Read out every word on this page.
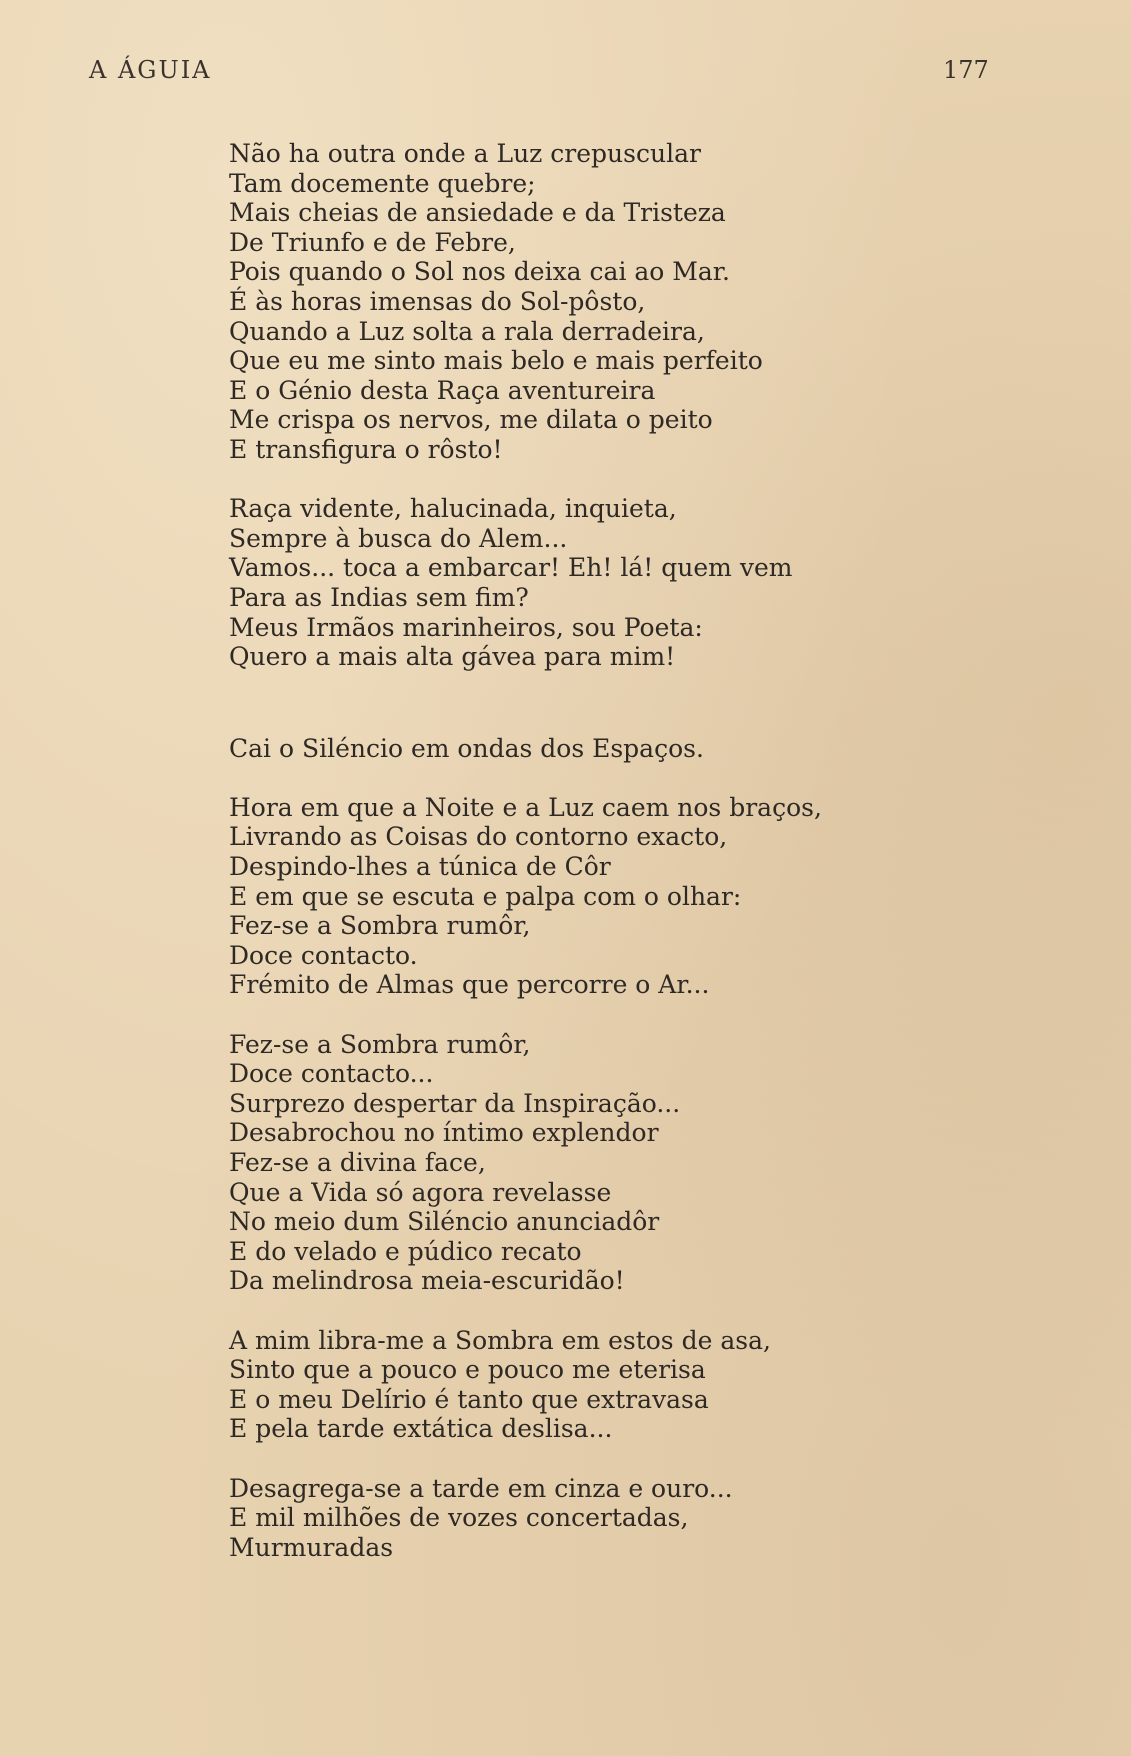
A ÁGUIA	177
Não ha outra onde a Luz crepuscular
Tam docemente quebre;
Mais cheias de ansiedade e da Tristeza
De Triunfo e de Febre,
Pois quando o Sol nos deixa cai ao Mar.
É às horas imensas do Sol-pôsto,
Quando a Luz solta a rala derradeira,
Que eu me sinto mais belo e mais perfeito
E o Génio desta Raça aventureira
Me crispa os nervos, me dilata o peito
E transfigura o rôsto!
Raça vidente, halucinada, inquieta,
Sempre à busca do Alem...
Vamos... toca a embarcar! Eh! lá! quem vem
Para as Indias sem fim?
Meus Irmãos marinheiros, sou Poeta:
Quero a mais alta gávea para mim!
Cai o Siléncio em ondas dos Espaços.
Hora em que a Noite e a Luz caem nos braços,
Livrando as Coisas do contorno exacto,
Despindo-lhes a túnica de Côr
E em que se escuta e palpa com o olhar:
Fez-se a Sombra rumôr,
Doce contacto.
Frémito de Almas que percorre o Ar...
Fez-se a Sombra rumôr,
Doce contacto...
Surprezo despertar da Inspiração...
Desabrochou no íntimo explendor
Fez-se a divina face,
Que a Vida só agora revelasse
No meio dum Siléncio anunciadôr
E do velado e púdico recato
Da melindrosa meia-escuridão!
A mim libra-me a Sombra em estos de asa,
Sinto que a pouco e pouco me eterisa
E o meu Delírio é tanto que extravasa
E pela tarde extática deslisa...
Desagrega-se a tarde em cinza e ouro...
E mil milhões de vozes concertadas,
Murmuradas
